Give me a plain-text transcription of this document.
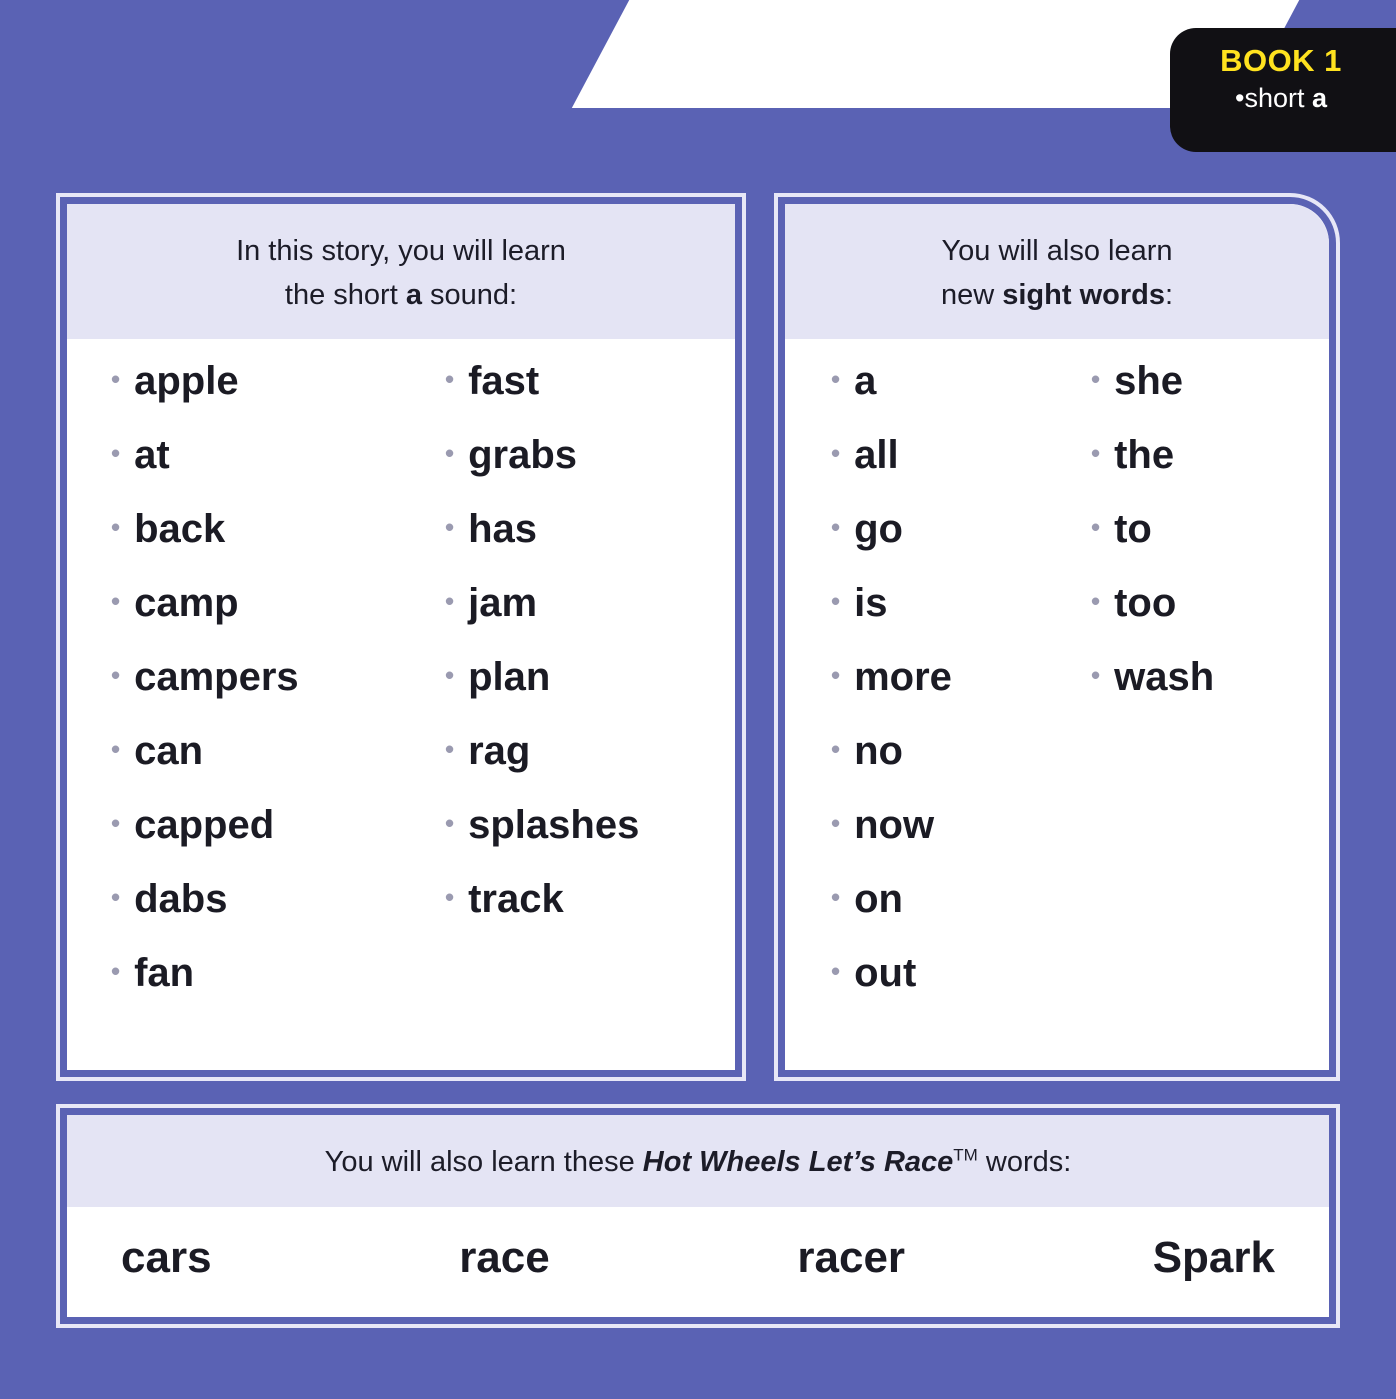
BOOK 1
•short a
In this story, you will learn
the short a sound:
• apple
• at
• back
• camp
• campers
• can
• capped
• dabs
• fan
• fast
• grabs
• has
• jam
• plan
• rag
• splashes
• track
You will also learn
new sight words:
• a
• all
• go
• is
• more
• no
• now
• on
• out
• she
• the
• to
• too
• wash
You will also learn these Hot Wheels Let’s Race™ words:
cars	race	racer	Spark
